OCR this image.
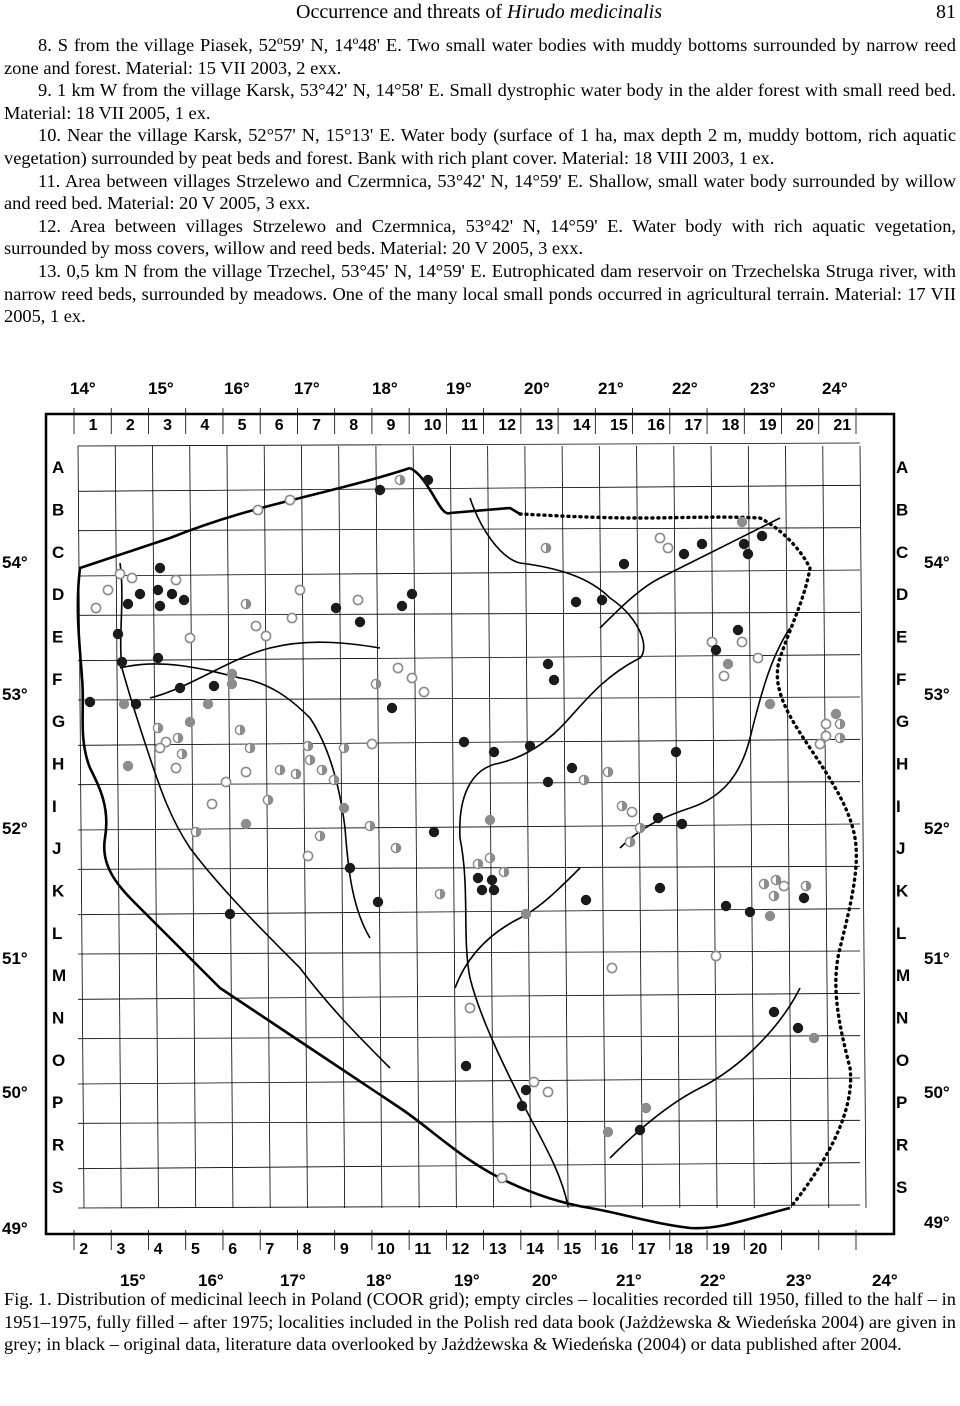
Occurrence and threats of Hirudo medicinalis	81

8. S from the village Piasek, 52º59' N, 14º48' E. Two small water bodies with muddy bottoms surrounded by narrow reed zone and forest. Material: 15 VII 2003, 2 exx.

9. 1 km W from the village Karsk, 53°42' N, 14°58' E. Small dystrophic water body in the alder forest with small reed bed. Material: 18 VII 2005, 1 ex.

10. Near the village Karsk, 52°57' N, 15°13' E. Water body (surface of 1 ha, max depth 2 m, muddy bottom, rich aquatic vegetation) surrounded by peat beds and forest. Bank with rich plant cover. Material: 18 VIII 2003, 1 ex.

11. Area between villages Strzelewo and Czermnica, 53°42' N, 14°59' E. Shallow, small water body surrounded by willow and reed bed. Material: 20 V 2005, 3 exx.

12. Area between villages Strzelewo and Czermnica, 53°42' N, 14°59' E. Water body with rich aquatic vegetation, surrounded by moss covers, willow and reed beds. Material: 20 V 2005, 3 exx.

13. 0,5 km N from the village Trzechel, 53°45' N, 14°59' E. Eutrophicated dam reservoir on Trzechelska Struga river, with narrow reed beds, surrounded by meadows. One of the many local small ponds occurred in agricultural terrain. Material: 17 VII 2005, 1 ex.

14°	15°	16°	17°	18°	19°	20°	21°	22°	23°	24°
15°	16°	17°	18°	19°	20°	21°	22°	23°	24°
54°
53°
52°
51°
50°
49°
54°
53°
52°
51°
50°
49°
1 2 3 4 5 6 7 8 9 10 11 12 13 14 15 16 17 18 19 20 21
2 3 4 5 6 7 8 9 10 11 12 13 14 15 16 17 18 19 20
A	A
B	B
C	C
D	D
E	E
F	F
G	G
H	H
I	I
J	J
K	K
L	L
M	M
N	N
O	O
P	P
R	R
S	S
Fig. 1. Distribution of medicinal leech in Poland (COOR grid); empty circles – localities recorded till 1950, filled to the half – in 1951–1975, fully filled – after 1975; localities included in the Polish red data book (Jażdżewska & Wiedeńska 2004) are given in grey; in black – original data, literature data overlooked by Jażdżewska & Wiedeńska (2004) or data published after 2004.
